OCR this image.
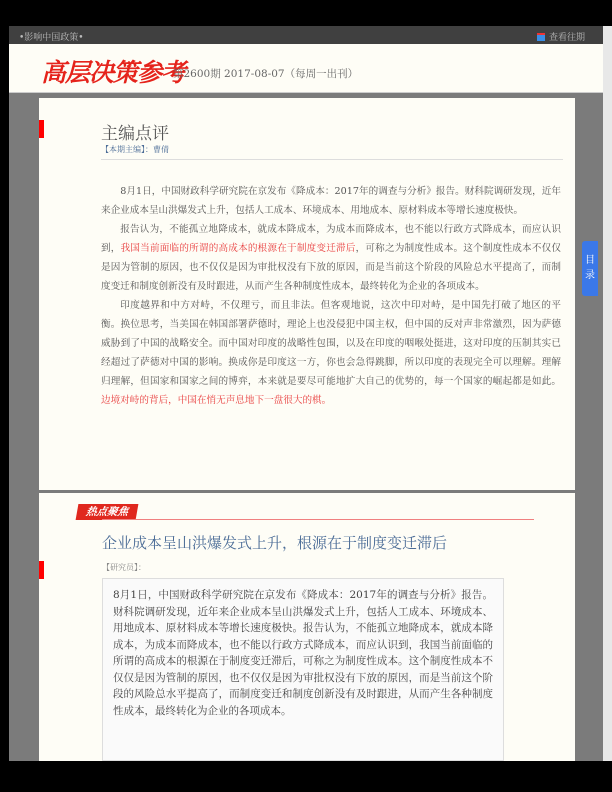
•影响中国政策•	查看往期
高层决策参考
第2600期 2017-08-07（每周一出刊）
主编点评
【本期主编】：曹倩

8月1日，中国财政科学研究院在京发布《降成本：2017年的调查与分析》报告。财科院调研发现，近年来企业成本呈山洪爆发式上升，包括人工成本、环境成本、用地成本、原材料成本等增长速度极快。

报告认为，不能孤立地降成本，就成本降成本，为成本而降成本，也不能以行政方式降成本，而应认识到，我国当前面临的所谓的高成本的根源在于制度变迁滞后，可称之为制度性成本。这个制度性成本不仅仅是因为管制的原因，也不仅仅是因为审批权没有下放的原因，而是当前这个阶段的风险总水平提高了，而制度变迁和制度创新没有及时跟进，从而产生各种制度性成本，最终转化为企业的各项成本。

印度越界和中方对峙，不仅理亏，而且非法。但客观地说，这次中印对峙，是中国先打破了地区的平衡。换位思考，当美国在韩国部署萨德时，理论上也没侵犯中国主权，但中国的反对声非常激烈，因为萨德威胁到了中国的战略安全。而中国对印度的战略性包围，以及在印度的咽喉处挺进，这对印度的压制其实已经超过了萨德对中国的影响。换成你是印度这一方，你也会急得跳脚，所以印度的表现完全可以理解。理解归理解，但国家和国家之间的博弈，本来就是要尽可能地扩大自己的优势的，每一个国家的崛起都是如此。边境对峙的背后，中国在悄无声息地下一盘很大的棋。

目录
热点聚焦
企业成本呈山洪爆发式上升，根源在于制度变迁滞后
【研究员】：
8月1日，中国财政科学研究院在京发布《降成本：2017年的调查与分析》报告。财科院调研发现，近年来企业成本呈山洪爆发式上升，包括人工成本、环境成本、用地成本、原材料成本等增长速度极快。报告认为，不能孤立地降成本，就成本降成本，为成本而降成本，也不能以行政方式降成本，而应认识到，我国当前面临的所谓的高成本的根源在于制度变迁滞后，可称之为制度性成本。这个制度性成本不仅仅是因为管制的原因，也不仅仅是因为审批权没有下放的原因，而是当前这个阶段的风险总水平提高了，而制度变迁和制度创新没有及时跟进，从而产生各种制度性成本，最终转化为企业的各项成本。
